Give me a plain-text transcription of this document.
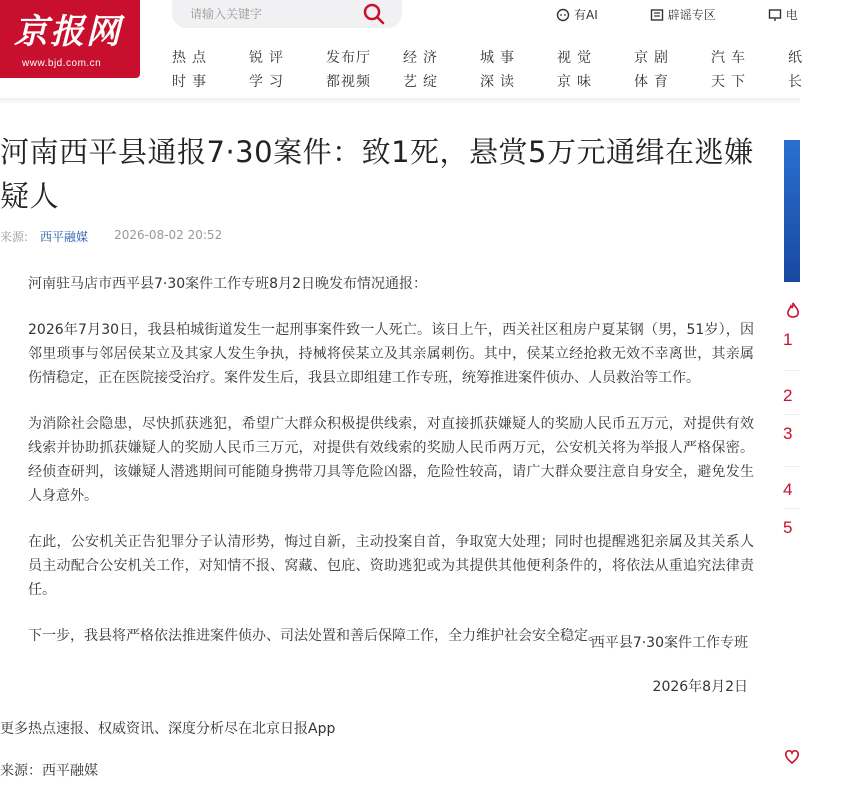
京报网
www.bjd.com.cn
请输入关键字
有AI	辟谣专区	电
热点
时事
锐评
学习
发布厅
都视频
经济
艺绽
城事
深读
视觉
京味
京剧
体育
汽车
天下
纸
长
河南西平县通报7·30案件：致1死，悬赏5万元通缉在逃嫌疑人
来源: 西平融媒 2026-08-02 20:52

河南驻马店市西平县7·30案件工作专班8月2日晚发布情况通报：

2026年7月30日，我县柏城街道发生一起刑事案件致一人死亡。该日上午，西关社区租房户夏某钢（男，51岁），因邻里琐事与邻居侯某立及其家人发生争执，持械将侯某立及其亲属刺伤。其中，侯某立经抢救无效不幸离世，其亲属伤情稳定，正在医院接受治疗。案件发生后，我县立即组建工作专班，统筹推进案件侦办、人员救治等工作。

为消除社会隐患，尽快抓获逃犯，希望广大群众积极提供线索，对直接抓获嫌疑人的奖励人民币五万元，对提供有效线索并协助抓获嫌疑人的奖励人民币三万元，对提供有效线索的奖励人民币两万元，公安机关将为举报人严格保密。经侦查研判，该嫌疑人潜逃期间可能随身携带刀具等危险凶器，危险性较高，请广大群众要注意自身安全，避免发生人身意外。

在此，公安机关正告犯罪分子认清形势，悔过自新，主动投案自首，争取宽大处理；同时也提醒逃犯亲属及其关系人员主动配合公安机关工作，对知情不报、窝藏、包庇、资助逃犯或为其提供其他便利条件的，将依法从重追究法律责任。

下一步，我县将严格依法推进案件侦办、司法处置和善后保障工作，全力维护社会安全稳定。

西平县7·30案件工作专班
2026年8月2日
更多热点速报、权威资讯、深度分析尽在北京日报App
来源：西平融媒
1
2
3
4
5
